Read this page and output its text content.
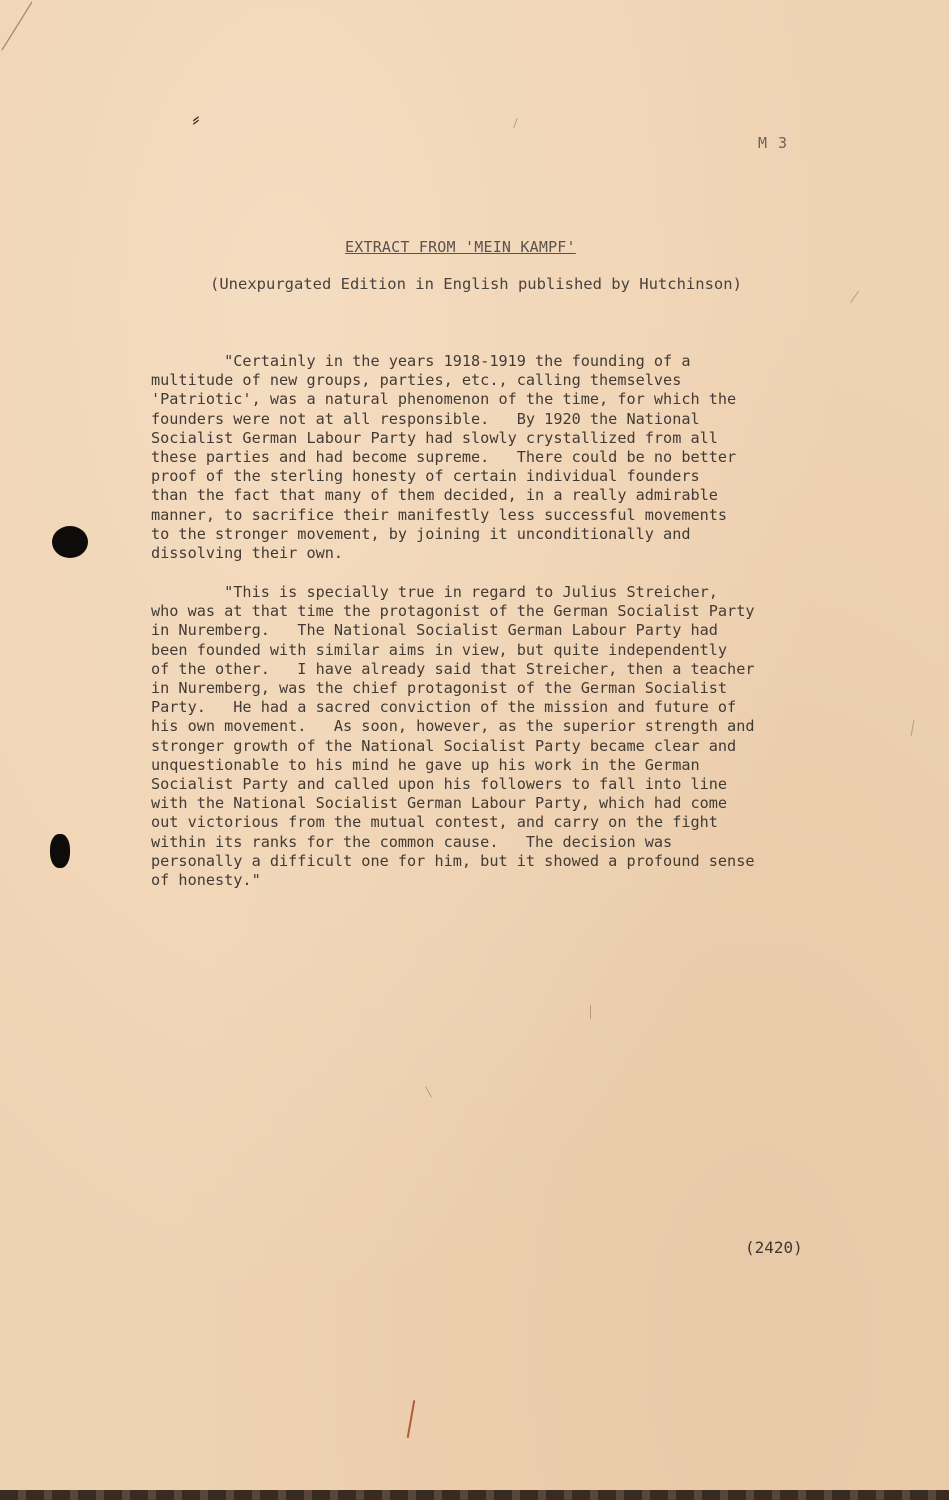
⸗
M 3
EXTRACT FROM 'MEIN KAMPF'
(Unexpurgated Edition in English published by Hutchinson)
"Certainly in the years 1918-1919 the founding of a
multitude of new groups, parties, etc., calling themselves
'Patriotic', was a natural phenomenon of the time, for which the
founders were not at all responsible.   By 1920 the National
Socialist German Labour Party had slowly crystallized from all
these parties and had become supreme.   There could be no better
proof of the sterling honesty of certain individual founders
than the fact that many of them decided, in a really admirable
manner, to sacrifice their manifestly less successful movements
to the stronger movement, by joining it unconditionally and
dissolving their own.
"This is specially true in regard to Julius Streicher,
who was at that time the protagonist of the German Socialist Party
in Nuremberg.   The National Socialist German Labour Party had
been founded with similar aims in view, but quite independently
of the other.   I have already said that Streicher, then a teacher
in Nuremberg, was the chief protagonist of the German Socialist
Party.   He had a sacred conviction of the mission and future of
his own movement.   As soon, however, as the superior strength and
stronger growth of the National Socialist Party became clear and
unquestionable to his mind he gave up his work in the German
Socialist Party and called upon his followers to fall into line
with the National Socialist German Labour Party, which had come
out victorious from the mutual contest, and carry on the fight
within its ranks for the common cause.   The decision was
personally a difficult one for him, but it showed a profound sense
of honesty."
(2420)
